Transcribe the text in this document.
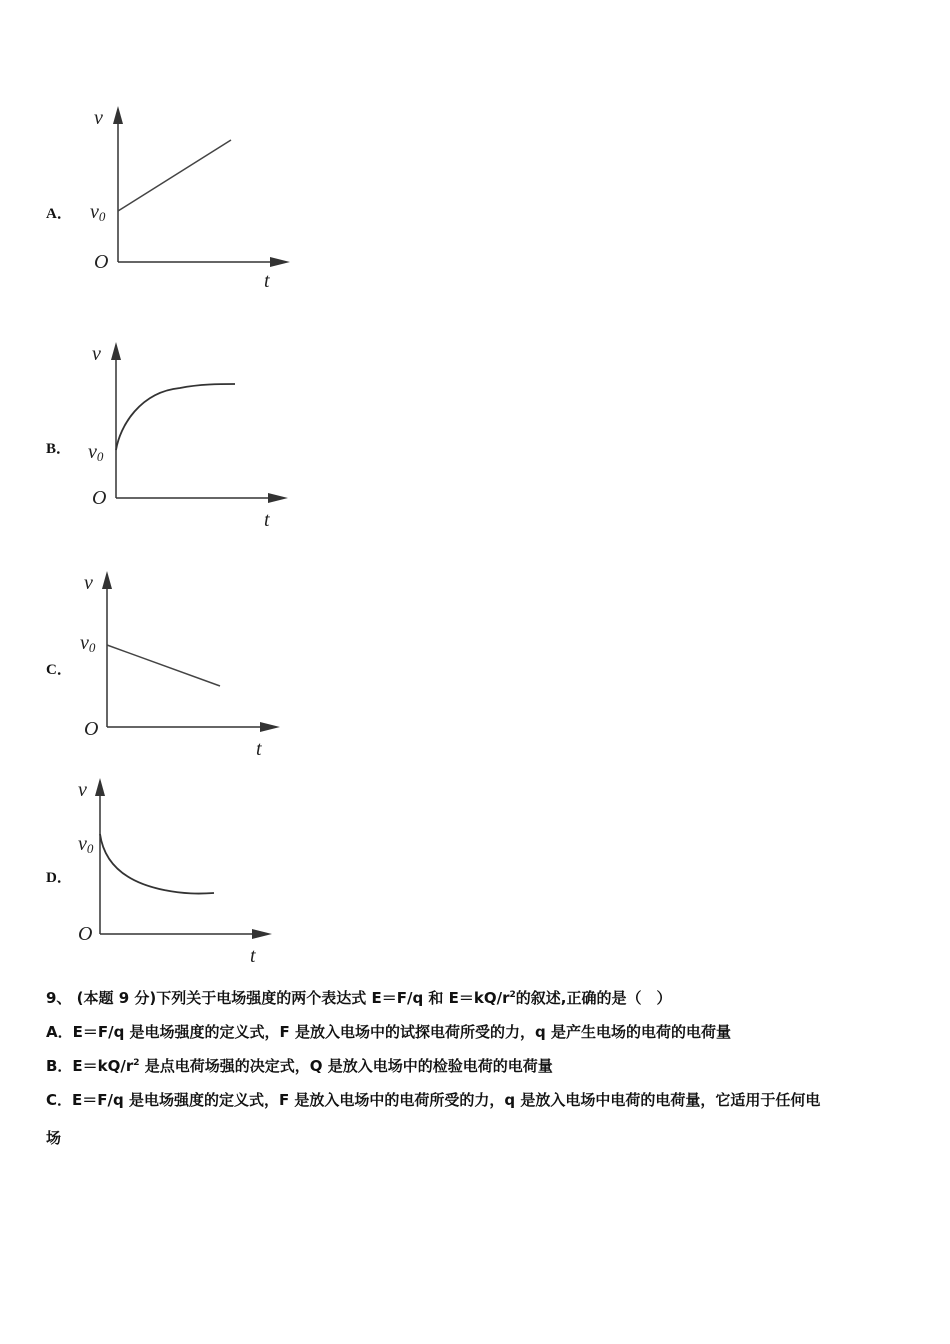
A．
v
t
O
v0
B．
v
t
O
v0
C．
v
t
O
v0
D．
v
t
O
v0
9、 (本题 9 分)下列关于电场强度的两个表达式 E＝F/q 和 $E=kQ/r^2$的叙述,正确的是（　）
A．E＝F/q 是电场强度的定义式，F 是放入电场中的试探电荷所受的力，q 是产生电场的电荷的电荷量
B．$E=kQ/r^2$ 是点电荷场强的决定式，Q 是放入电场中的检验电荷的电荷量
C．E＝F/q 是电场强度的定义式，F 是放入电场中的电荷所受的力，q 是放入电场中电荷的电荷量，它适用于任何电
场
